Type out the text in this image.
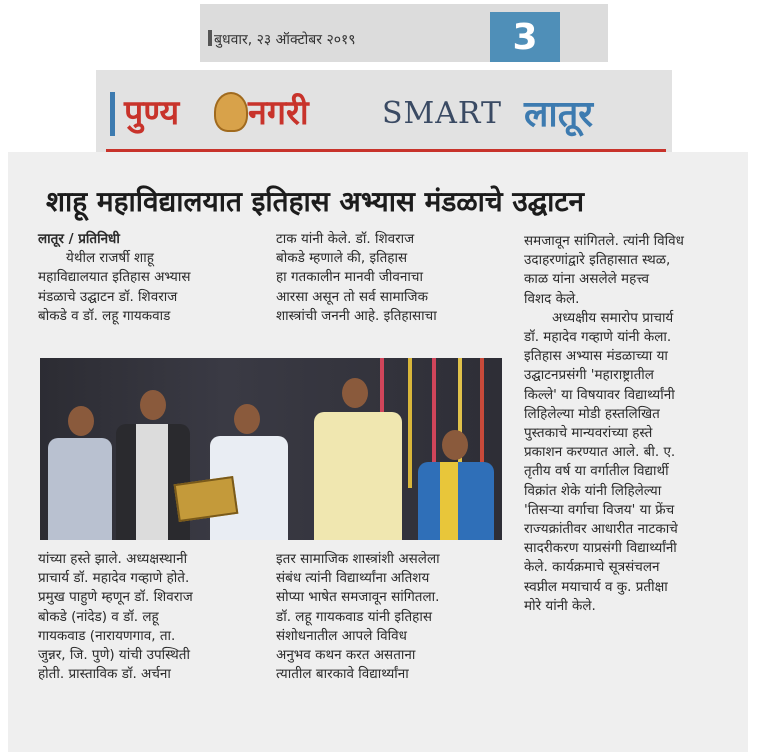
बुधवार, २३ ऑक्टोबर २०१९	3
पुण्य नगरी SMART लातूर
शाहू महाविद्यालयात इतिहास अभ्यास मंडळाचे उद्घाटन

लातूर / प्रतिनिधी

येथील राजर्षी शाहू

महाविद्यालयात इतिहास अभ्यास

मंडळाचे उद्घाटन डॉ. शिवराज

बोकडे व डॉ. लहू गायकवाड

टाक यांनी केले. डॉ. शिवराज

बोकडे म्हणाले की, इतिहास

हा गतकालीन मानवी जीवनाचा

आरसा असून तो सर्व सामाजिक

शास्त्रांची जननी आहे. इतिहासाचा

यांच्या हस्ते झाले. अध्यक्षस्थानी

प्राचार्य डॉ. महादेव गव्हाणे होते.

प्रमुख पाहुणे म्हणून डॉ. शिवराज

बोकडे (नांदेड) व डॉ. लहू

गायकवाड (नारायणगाव, ता.

जुन्नर, जि. पुणे) यांची उपस्थिती

होती. प्रास्ताविक डॉ. अर्चना

इतर सामाजिक शास्त्रांशी असलेला

संबंध त्यांनी विद्यार्थ्यांना अतिशय

सोप्या भाषेत समजावून सांगितला.

डॉ. लहू गायकवाड यांनी इतिहास

संशोधनातील आपले विविध

अनुभव कथन करत असताना

त्यातील बारकावे विद्यार्थ्यांना

समजावून सांगितले. त्यांनी विविध

उदाहरणांद्वारे इतिहासात स्थळ,

काळ यांना असलेले महत्त्व

विशद केले.

अध्यक्षीय समारोप प्राचार्य

डॉ. महादेव गव्हाणे यांनी केला.

इतिहास अभ्यास मंडळाच्या या

उद्घाटनप्रसंगी 'महाराष्ट्रातील

किल्ले' या विषयावर विद्यार्थ्यांनी

लिहिलेल्या मोडी हस्तलिखित

पुस्तकाचे मान्यवरांच्या हस्ते

प्रकाशन करण्यात आले. बी. ए.

तृतीय वर्ष या वर्गातील विद्यार्थी

विक्रांत शेके यांनी लिहिलेल्या

'तिसऱ्या वर्गाचा विजय' या फ्रेंच

राज्यक्रांतीवर आधारीत नाटकाचे

सादरीकरण याप्रसंगी विद्यार्थ्यांनी

केले. कार्यक्रमाचे सूत्रसंचलन

स्वप्नील मयाचार्य व कु. प्रतीक्षा

मोरे यांनी केले.
